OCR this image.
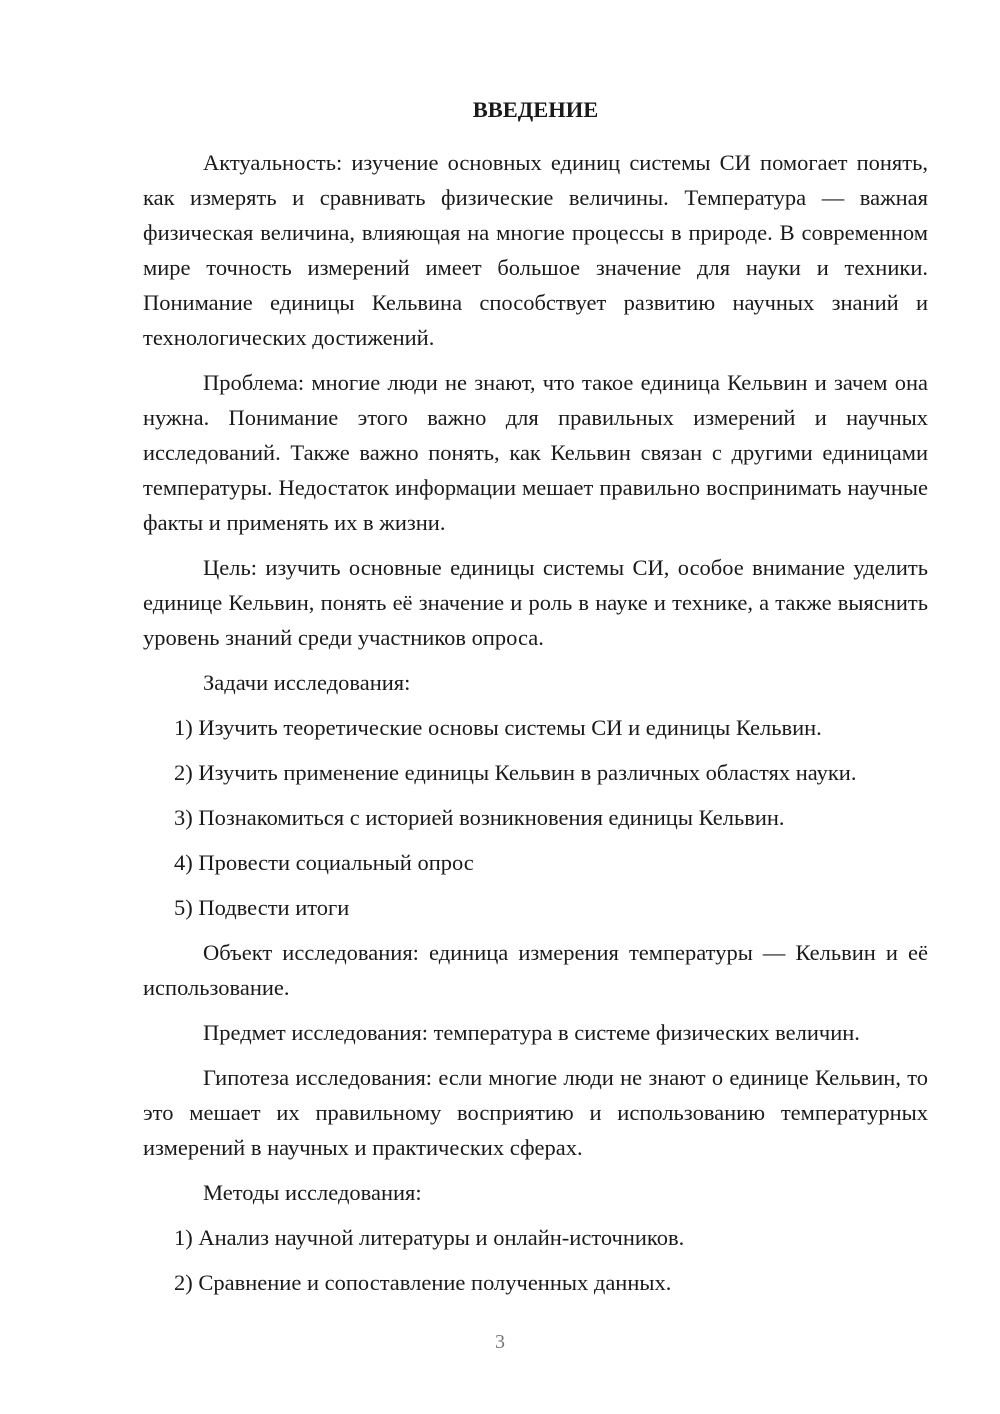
ВВЕДЕНИЕ

Актуальность: изучение основных единиц системы СИ помогает понять, как измерять и сравнивать физические величины. Температура — важная физическая величина, влияющая на многие процессы в природе. В современном мире точность измерений имеет большое значение для науки и техники. Понимание единицы Кельвина способствует развитию научных знаний и технологических достижений.

Проблема: многие люди не знают, что такое единица Кельвин и зачем она нужна. Понимание этого важно для правильных измерений и научных исследований. Также важно понять, как Кельвин связан с другими единицами температуры. Недостаток информации мешает правильно воспринимать научные факты и применять их в жизни.

Цель: изучить основные единицы системы СИ, особое внимание уделить единице Кельвин, понять её значение и роль в науке и технике, а также выяснить уровень знаний среди участников опроса.

Задачи исследования:
1) Изучить теоретические основы системы СИ и единицы Кельвин.
2) Изучить применение единицы Кельвин в различных областях науки.
3) Познакомиться с историей возникновения единицы Кельвин.
4) Провести социальный опрос
5) Подвести итоги

Объект исследования: единица измерения температуры — Кельвин и её использование.

Предмет исследования: температура в системе физических величин.

Гипотеза исследования: если многие люди не знают о единице Кельвин, то это мешает их правильному восприятию и использованию температурных измерений в научных и практических сферах.

Методы исследования:
1) Анализ научной литературы и онлайн-источников.
2) Сравнение и сопоставление полученных данных.
3
